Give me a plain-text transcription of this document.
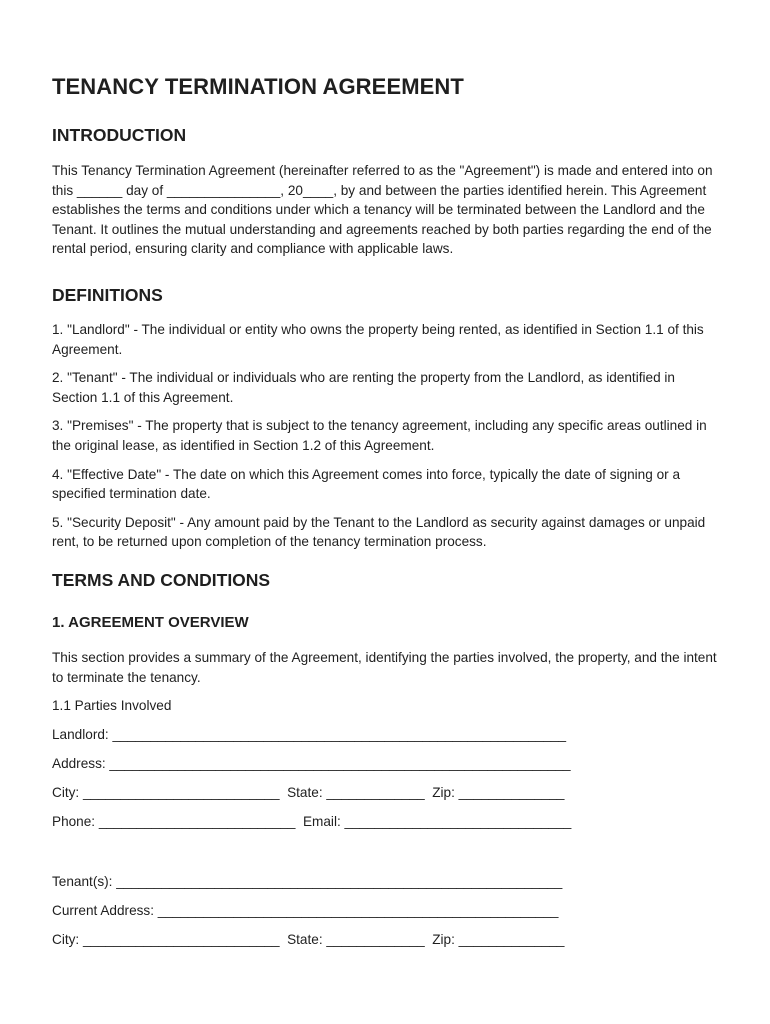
TENANCY TERMINATION AGREEMENT
INTRODUCTION

This Tenancy Termination Agreement (hereinafter referred to as the "Agreement") is made and entered into on this ______ day of _______________, 20____, by and between the parties identified herein. This Agreement establishes the terms and conditions under which a tenancy will be terminated between the Landlord and the Tenant. It outlines the mutual understanding and agreements reached by both parties regarding the end of the rental period, ensuring clarity and compliance with applicable laws.

DEFINITIONS

1. "Landlord" - The individual or entity who owns the property being rented, as identified in Section 1.1 of this Agreement.

2. "Tenant" - The individual or individuals who are renting the property from the Landlord, as identified in Section 1.1 of this Agreement.

3. "Premises" - The property that is subject to the tenancy agreement, including any specific areas outlined in the original lease, as identified in Section 1.2 of this Agreement.

4. "Effective Date" - The date on which this Agreement comes into force, typically the date of signing or a specified termination date.

5. "Security Deposit" - Any amount paid by the Tenant to the Landlord as security against damages or unpaid rent, to be returned upon completion of the tenancy termination process.

TERMS AND CONDITIONS
1. AGREEMENT OVERVIEW

This section provides a summary of the Agreement, identifying the parties involved, the property, and the intent to terminate the tenancy.

1.1 Parties Involved

Landlord: ____________________________________________________________

Address: _____________________________________________________________

City: __________________________  State: _____________  Zip: ______________

Phone: __________________________  Email: ______________________________

Tenant(s): ___________________________________________________________

Current Address: _____________________________________________________

City: __________________________  State: _____________  Zip: ______________
